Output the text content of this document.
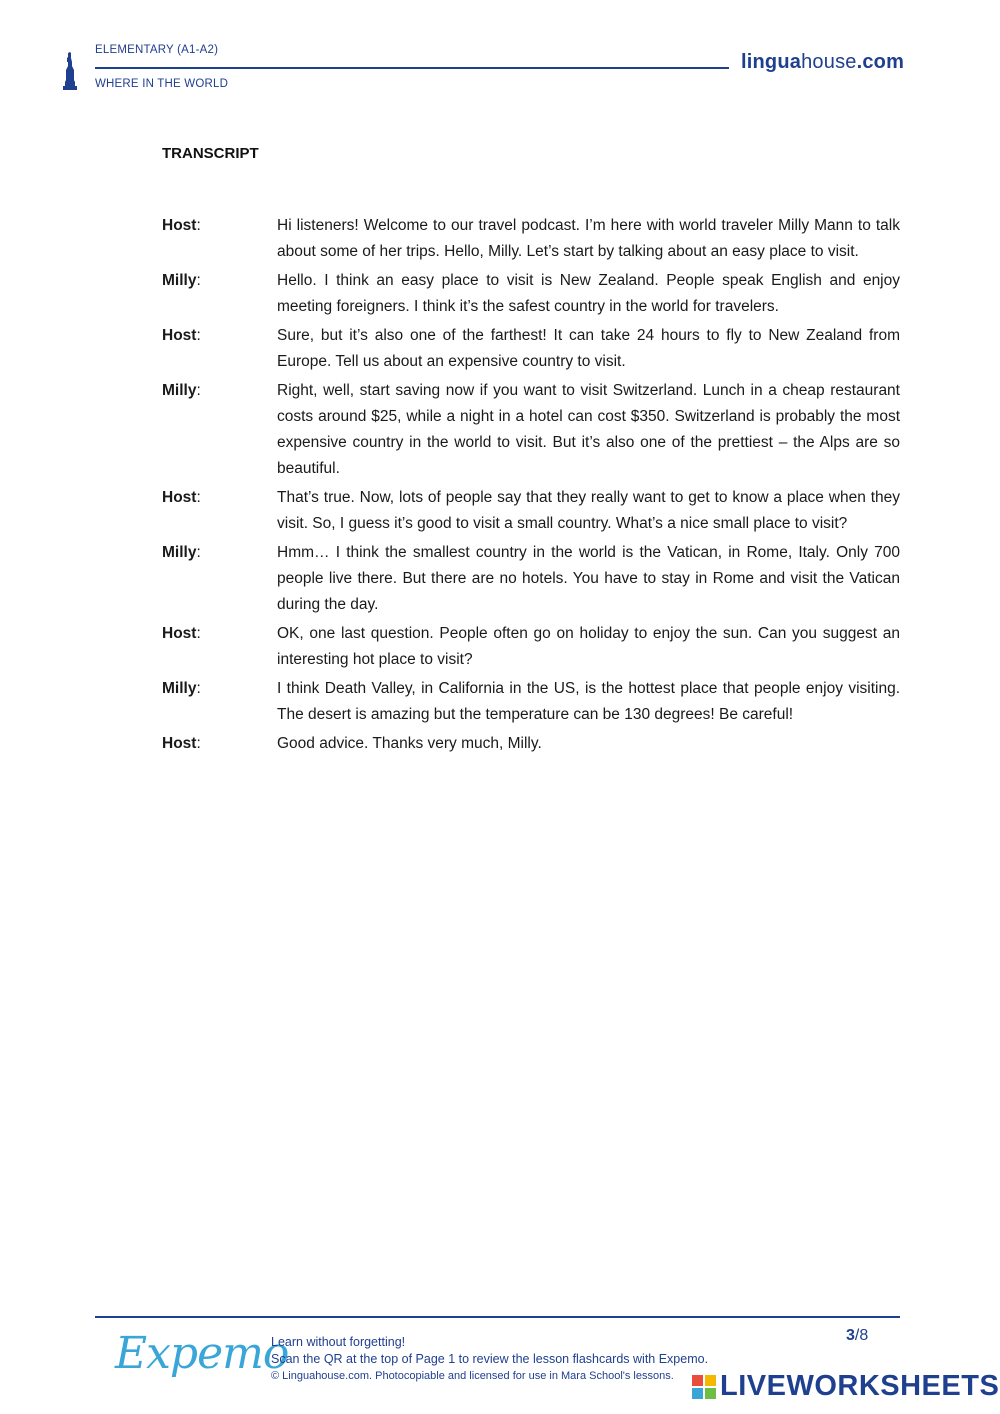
ELEMENTARY (A1-A2)
WHERE IN THE WORLD
linguahouse.com
TRANSCRIPT
Host:	Hi listeners! Welcome to our travel podcast. I’m here with world traveler Milly Mann to talk about some of her trips. Hello, Milly. Let’s start by talking about an easy place to visit.
Milly:	Hello. I think an easy place to visit is New Zealand. People speak English and enjoy meeting foreigners. I think it’s the safest country in the world for travelers.
Host:	Sure, but it’s also one of the farthest! It can take 24 hours to fly to New Zealand from Europe. Tell us about an expensive country to visit.
Milly:	Right, well, start saving now if you want to visit Switzerland. Lunch in a cheap restaurant costs around $25, while a night in a hotel can cost $350. Switzerland is probably the most expensive country in the world to visit. But it’s also one of the prettiest – the Alps are so beautiful.
Host:	That’s true. Now, lots of people say that they really want to get to know a place when they visit. So, I guess it’s good to visit a small country. What’s a nice small place to visit?
Milly:	Hmm… I think the smallest country in the world is the Vatican, in Rome, Italy. Only 700 people live there. But there are no hotels. You have to stay in Rome and visit the Vatican during the day.
Host:	OK, one last question. People often go on holiday to enjoy the sun. Can you suggest an interesting hot place to visit?
Milly:	I think Death Valley, in California in the US, is the hottest place that people enjoy visiting. The desert is amazing but the temperature can be 130 degrees! Be careful!
Host:	Good advice. Thanks very much, Milly.
Expemo
Learn without forgetting!
Scan the QR at the top of Page 1 to review the lesson flashcards with Expemo.
© Linguahouse.com. Photocopiable and licensed for use in Mara School's lessons.
3/8
LIVEWORKSHEETS
